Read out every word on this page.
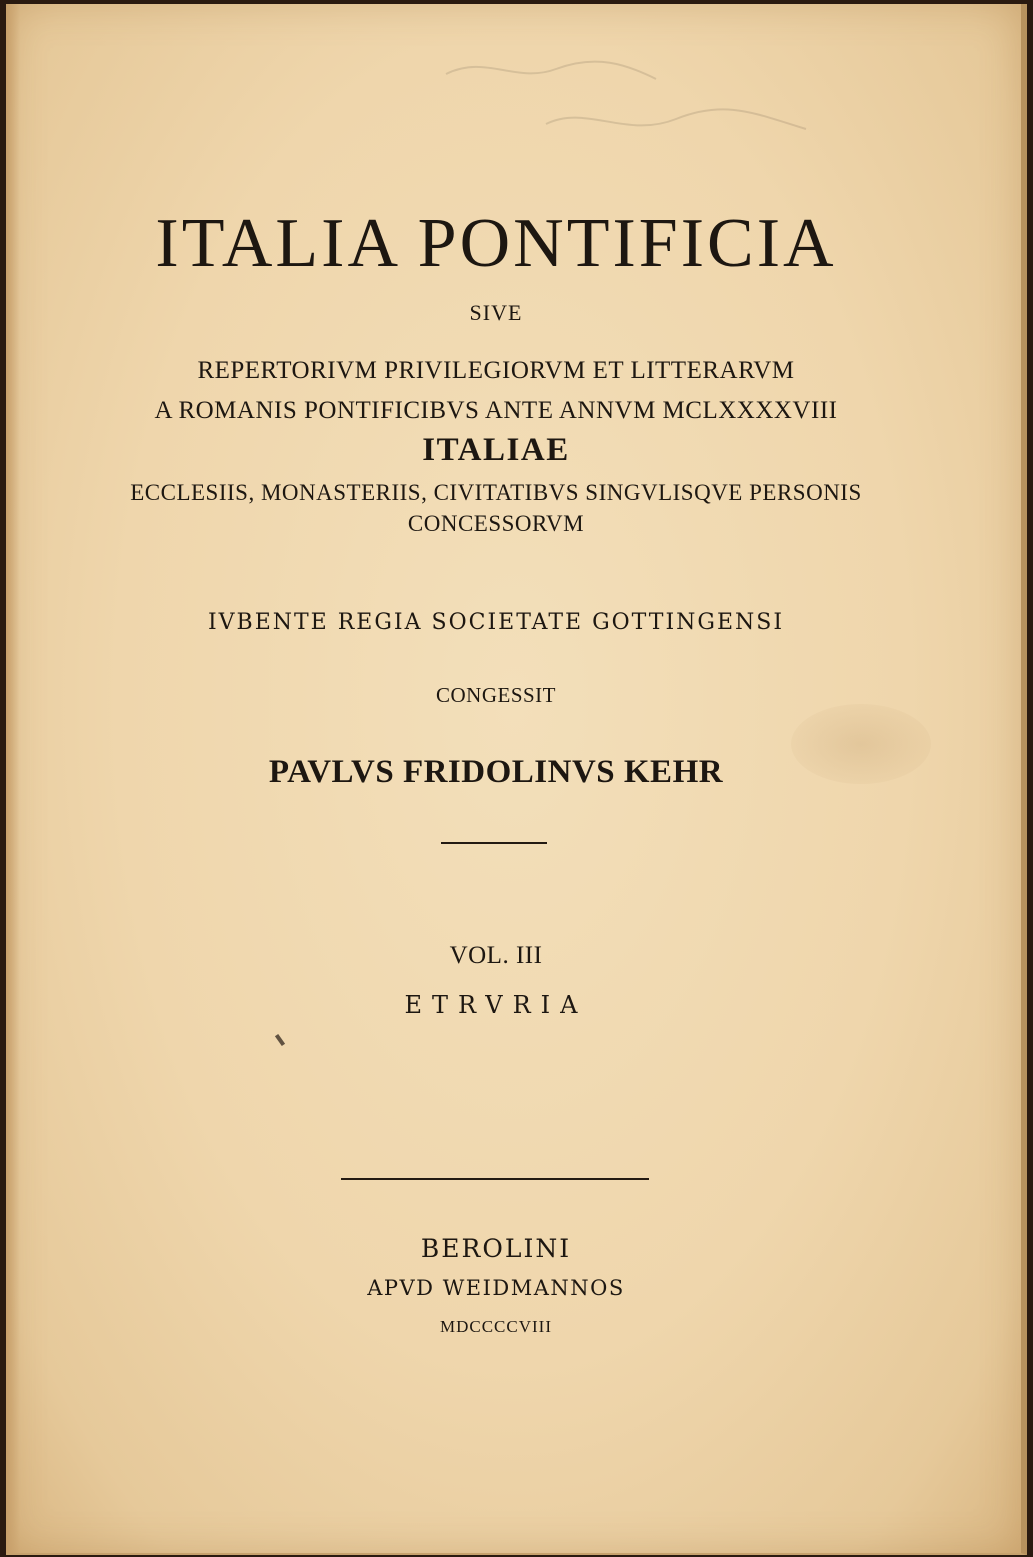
ITALIA PONTIFICIA
SIVE
REPERTORIVM PRIVILEGIORVM ET LITTERARVM
A ROMANIS PONTIFICIBVS ANTE ANNVM MCLXXXXVIII
ITALIAE
ECCLESIIS, MONASTERIIS, CIVITATIBVS SINGVLISQVE PERSONIS
CONCESSORVM
IVBENTE REGIA SOCIETATE GOTTINGENSI
CONGESSIT
PAVLVS FRIDOLINVS KEHR
VOL. III
ETRVRIA
BEROLINI
APVD WEIDMANNOS
MDCCCCVIII
